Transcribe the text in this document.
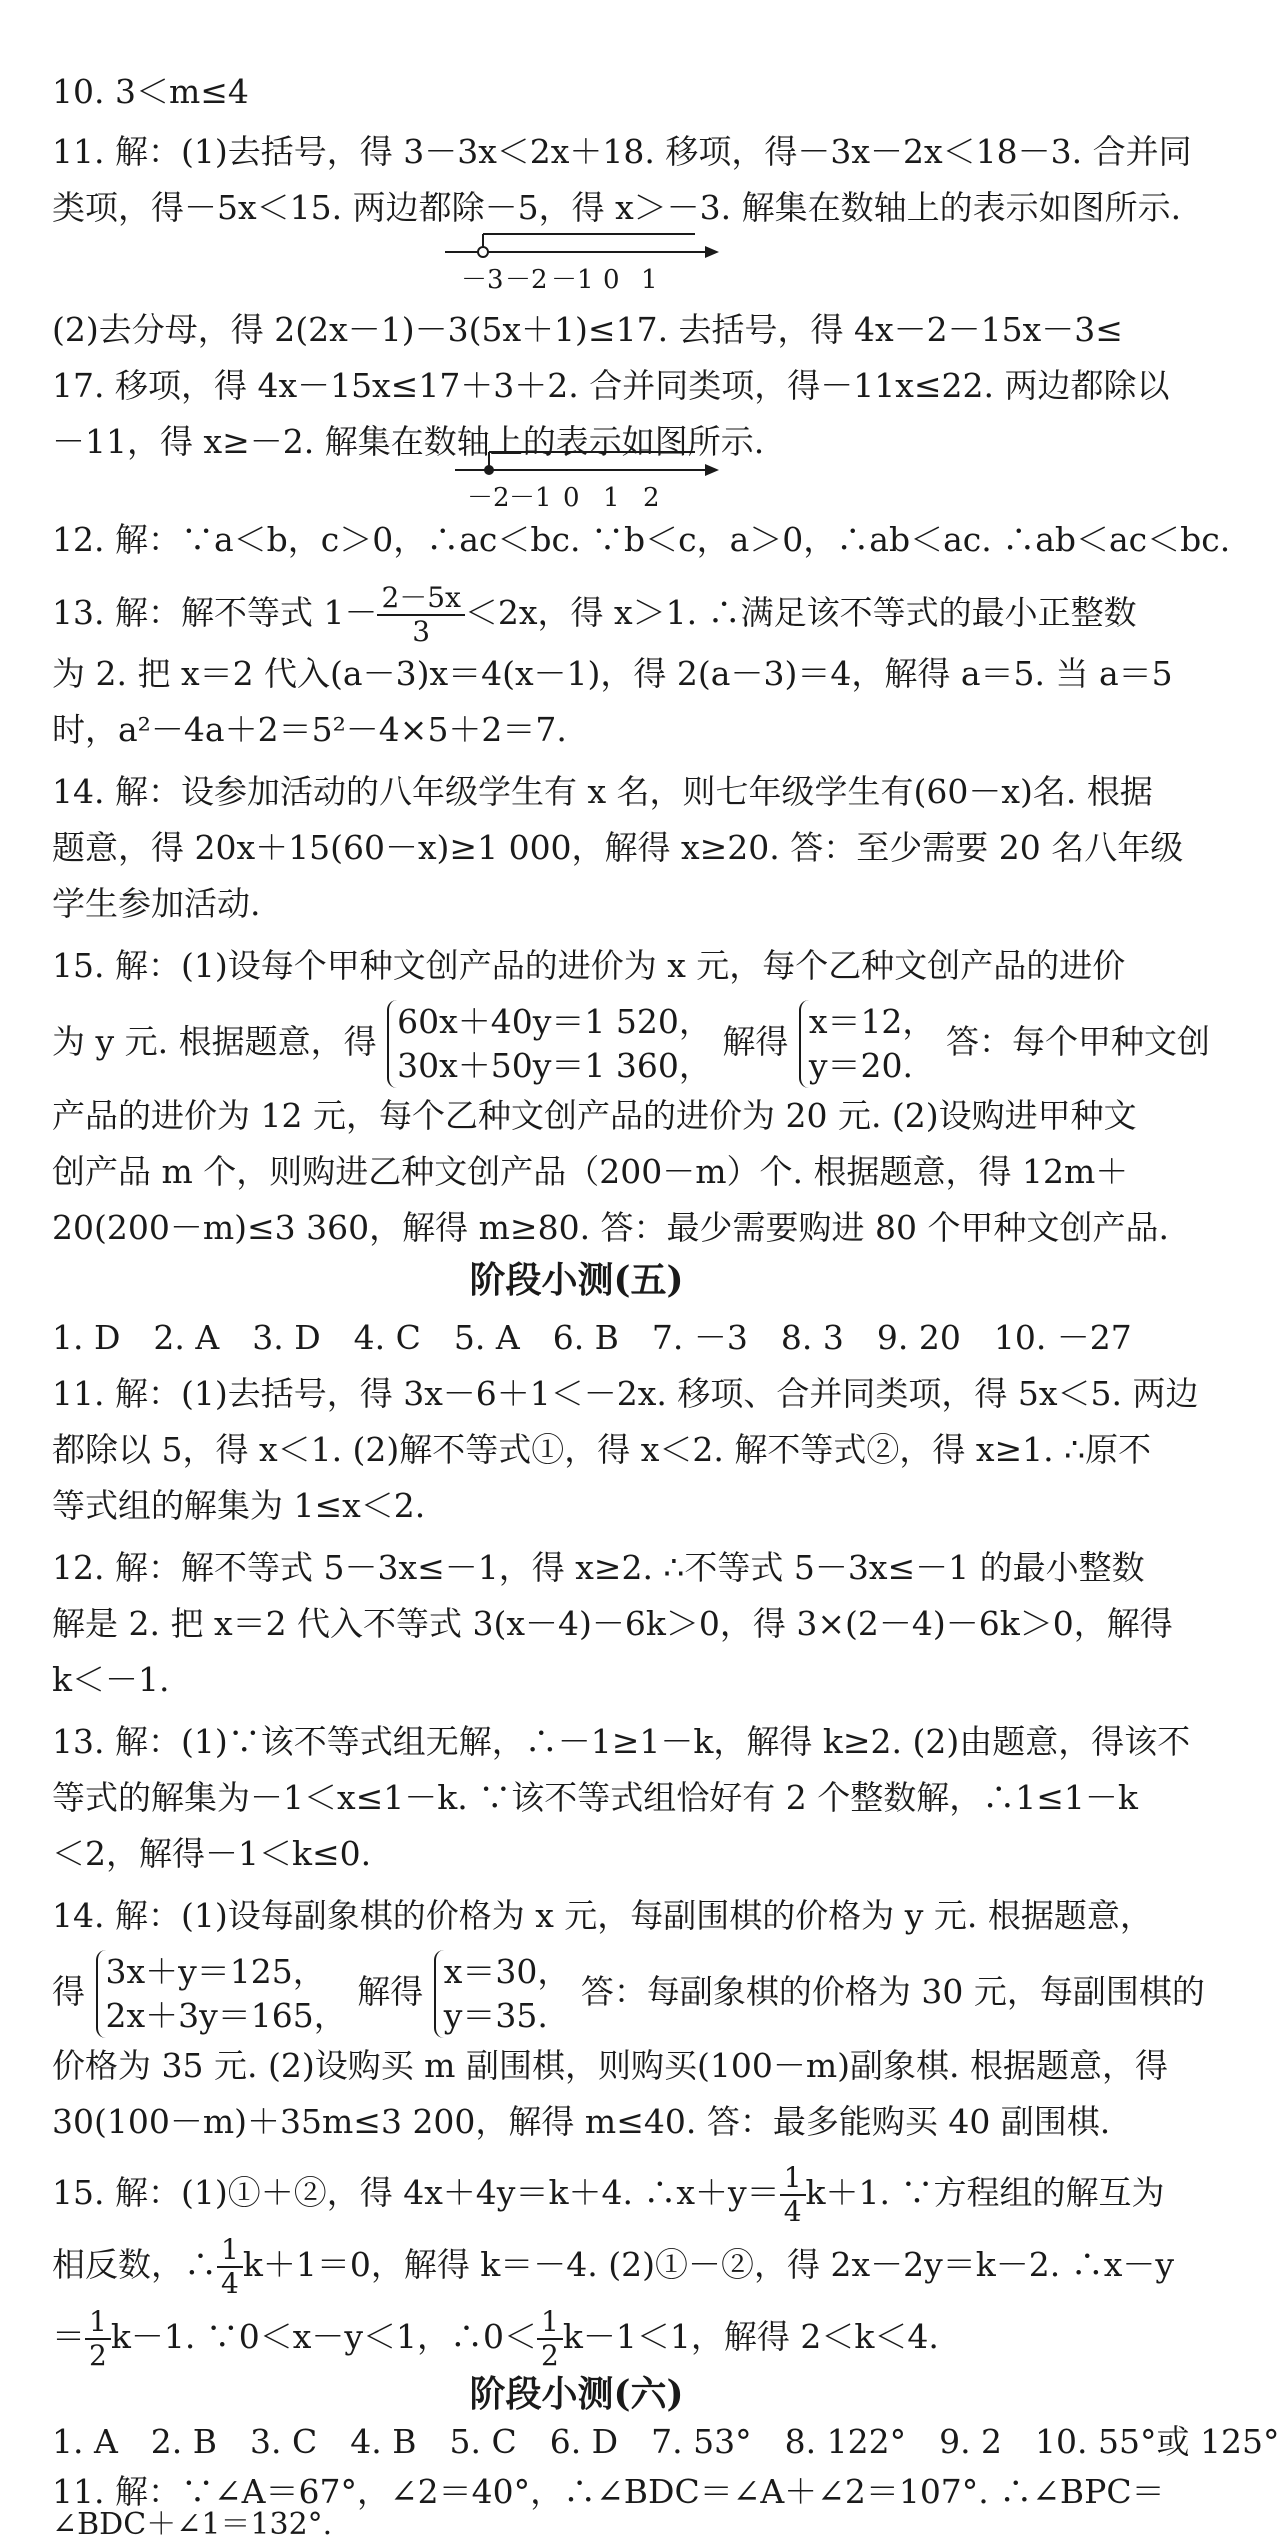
10. 3＜m≤4
11. 解：(1)去括号，得 3－3x＜2x＋18. 移项，得－3x－2x＜18－3. 合并同
类项，得－5x＜15. 两边都除－5，得 x＞－3. 解集在数轴上的表示如图所示.
－3 －2 －1 0 1
(2)去分母，得 2(2x－1)－3(5x＋1)≤17. 去括号，得 4x－2－15x－3≤
17. 移项，得 4x－15x≤17＋3＋2. 合并同类项，得－11x≤22. 两边都除以
－11，得 x≥－2. 解集在数轴上的表示如图所示.
－2 －1 0 1 2
12. 解：∵a＜b，c＞0，∴ac＜bc. ∵b＜c，a＞0，∴ab＜ac. ∴ab＜ac＜bc.
13. 解：解不等式 $1- \frac{2-5x}{3} <2x$，得 x＞1. ∴满足该不等式的最小正整数
为 2. 把 x＝2 代入(a－3)x＝4(x－1)，得 2(a－3)＝4，解得 a＝5. 当 a＝5
时，a²－4a＋2＝5²－4×5＋2＝7.
14. 解：设参加活动的八年级学生有 x 名，则七年级学生有(60－x)名. 根据
题意，得 20x＋15(60－x)≥1 000，解得 x≥20. 答：至少需要 20 名八年级
学生参加活动.
15. 解：(1)设每个甲种文创产品的进价为 x 元，每个乙种文创产品的进价
为 y 元. 根据题意，得
60x＋40y＝1 520，
30x＋50y＝1 360，
解得
x＝12，
y＝20.
答：每个甲种文创
产品的进价为 12 元，每个乙种文创产品的进价为 20 元. (2)设购进甲种文
创产品 m 个，则购进乙种文创产品（200－m）个. 根据题意，得 12m＋
20(200－m)≤3 360，解得 m≥80. 答：最少需要购进 80 个甲种文创产品.
阶段小测(五)
1. D　2. A　3. D　4. C　5. A　6. B　7. －3　8. 3　9. 20　10. －27
11. 解：(1)去括号，得 3x－6＋1＜－2x. 移项、合并同类项，得 5x＜5. 两边
都除以 5，得 x＜1. (2)解不等式①，得 x＜2. 解不等式②，得 x≥1. ∴原不
等式组的解集为 1≤x＜2.
12. 解：解不等式 5－3x≤－1，得 x≥2. ∴不等式 5－3x≤－1 的最小整数
解是 2. 把 x＝2 代入不等式 3(x－4)－6k＞0，得 3×(2－4)－6k＞0，解得
k＜－1.
13. 解：(1)∵该不等式组无解，∴－1≥1－k，解得 k≥2. (2)由题意，得该不
等式的解集为－1＜x≤1－k. ∵该不等式组恰好有 2 个整数解，∴1≤1－k
＜2，解得－1＜k≤0.
14. 解：(1)设每副象棋的价格为 x 元，每副围棋的价格为 y 元. 根据题意，
得
3x＋y＝125，
2x＋3y＝165，
解得
x＝30，
y＝35.
答：每副象棋的价格为 30 元，每副围棋的
价格为 35 元. (2)设购买 m 副围棋，则购买(100－m)副象棋. 根据题意，得
30(100－m)＋35m≤3 200，解得 m≤40. 答：最多能购买 40 副围棋.
15. 解：(1)①＋②，得 4x＋4y＝k＋4. ∴x＋y＝ $\frac{1}{4} k+1$. ∵方程组的解互为
相反数，∴ $\frac{1}{4} k+1=0$，解得 k＝－4. (2)①－②，得 2x－2y＝k－2. ∴x－y
＝ $\frac{1}{2} k-1$. ∵0＜x－y＜1，∴0＜ $\frac{1}{2} k-1<1$，解得 2＜k＜4.
阶段小测(六)
1. A　2. B　3. C　4. B　5. C　6. D　7. 53°　8. 122°　9. 2　10. 55°或 125°
11. 解：∵∠A＝67°，∠2＝40°，∴∠BDC＝∠A＋∠2＝107°. ∴∠BPC＝
∠BDC＋∠1＝132°.
